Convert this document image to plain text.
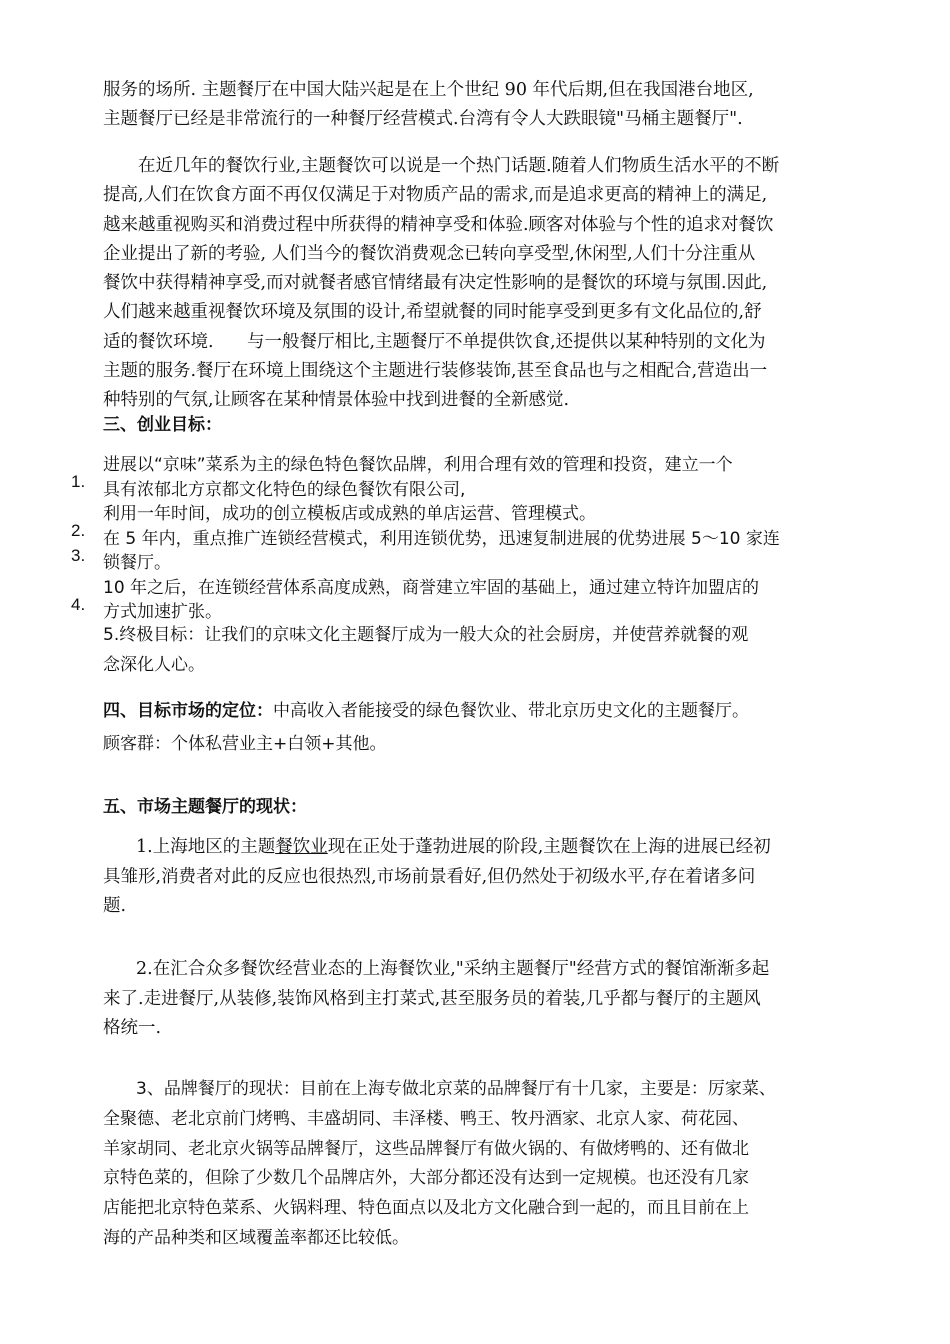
服务的场所. 主题餐厅在中国大陆兴起是在上个世纪 90 年代后期,但在我国港台地区,
主题餐厅已经是非常流行的一种餐厅经营模式.台湾有令人大跌眼镜"马桶主题餐厅".
在近几年的餐饮行业,主题餐饮可以说是一个热门话题.随着人们物质生活水平的不断
提高,人们在饮食方面不再仅仅满足于对物质产品的需求,而是追求更高的精神上的满足,
越来越重视购买和消费过程中所获得的精神享受和体验.顾客对体验与个性的追求对餐饮
企业提出了新的考验, 人们当今的餐饮消费观念已转向享受型,休闲型,人们十分注重从
餐饮中获得精神享受,而对就餐者感官情绪最有决定性影响的是餐饮的环境与氛围.因此,
人们越来越重视餐饮环境及氛围的设计,希望就餐的同时能享受到更多有文化品位的,舒
适的餐饮环境.      与一般餐厅相比,主题餐厅不单提供饮食,还提供以某种特别的文化为
主题的服务.餐厅在环境上围绕这个主题进行装修装饰,甚至食品也与之相配合,营造出一
种特别的气氛,让顾客在某种情景体验中找到进餐的全新感觉.
三、创业目标：
1.
进展以“京味”菜系为主的绿色特色餐饮品牌，利用合理有效的管理和投资，建立一个
具有浓郁北方京都文化特色的绿色餐饮有限公司,
2.
利用一年时间，成功的创立模板店或成熟的单店运营、管理模式。
3.
在 5 年内，重点推广连锁经营模式，利用连锁优势，迅速复制进展的优势进展 5～10 家连
锁餐厅。
4.
10 年之后，在连锁经营体系高度成熟，商誉建立牢固的基础上，通过建立特许加盟店的
方式加速扩张。
5.终极目标：让我们的京味文化主题餐厅成为一般大众的社会厨房，并使营养就餐的观
念深化人心。
四、目标市场的定位：中高收入者能接受的绿色餐饮业、带北京历史文化的主题餐厅。
顾客群：个体私营业主+白领+其他。
五、市场主题餐厅的现状：
1.上海地区的主题餐饮业现在正处于蓬勃进展的阶段,主题餐饮在上海的进展已经初
具雏形,消费者对此的反应也很热烈,市场前景看好,但仍然处于初级水平,存在着诸多问
题.
2.在汇合众多餐饮经营业态的上海餐饮业,"采纳主题餐厅"经营方式的餐馆渐渐多起
来了.走进餐厅,从装修,装饰风格到主打菜式,甚至服务员的着装,几乎都与餐厅的主题风
格统一.
3、品牌餐厅的现状：目前在上海专做北京菜的品牌餐厅有十几家，主要是：厉家菜、
全聚德、老北京前门烤鸭、丰盛胡同、丰泽楼、鸭王、牧丹酒家、北京人家、荷花园、
羊家胡同、老北京火锅等品牌餐厅，这些品牌餐厅有做火锅的、有做烤鸭的、还有做北
京特色菜的，但除了少数几个品牌店外，大部分都还没有达到一定规模。也还没有几家
店能把北京特色菜系、火锅料理、特色面点以及北方文化融合到一起的，而且目前在上
海的产品种类和区域覆盖率都还比较低。
